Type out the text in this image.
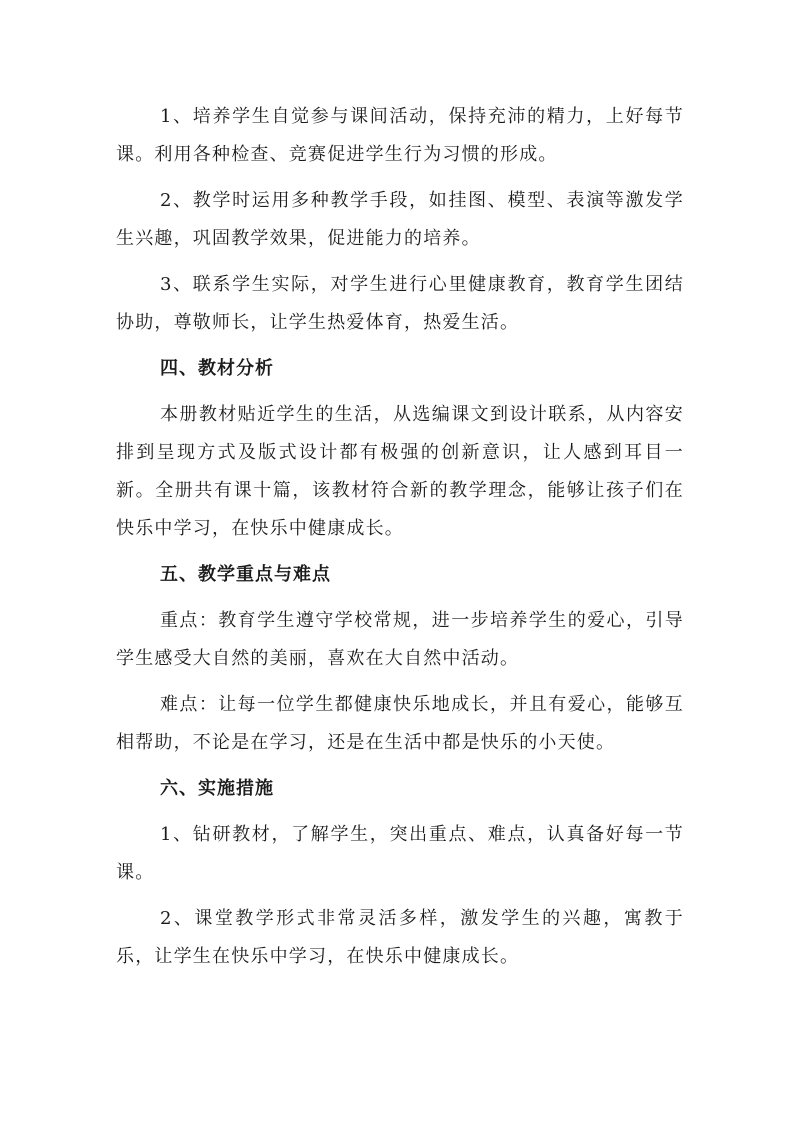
1、培养学生自觉参与课间活动，保持充沛的精力，上好每节课。利用各种检查、竞赛促进学生行为习惯的形成。

2、教学时运用多种教学手段，如挂图、模型、表演等激发学生兴趣，巩固教学效果，促进能力的培养。

3、联系学生实际，对学生进行心里健康教育，教育学生团结协助，尊敬师长，让学生热爱体育，热爱生活。

四、教材分析

本册教材贴近学生的生活，从选编课文到设计联系，从内容安排到呈现方式及版式设计都有极强的创新意识，让人感到耳目一新。全册共有课十篇，该教材符合新的教学理念，能够让孩子们在快乐中学习，在快乐中健康成长。

五、教学重点与难点

重点：教育学生遵守学校常规，进一步培养学生的爱心，引导学生感受大自然的美丽，喜欢在大自然中活动。

难点：让每一位学生都健康快乐地成长，并且有爱心，能够互相帮助，不论是在学习，还是在生活中都是快乐的小天使。

六、实施措施

1、钻研教材，了解学生，突出重点、难点，认真备好每一节课。

2、课堂教学形式非常灵活多样，激发学生的兴趣，寓教于乐，让学生在快乐中学习，在快乐中健康成长。
